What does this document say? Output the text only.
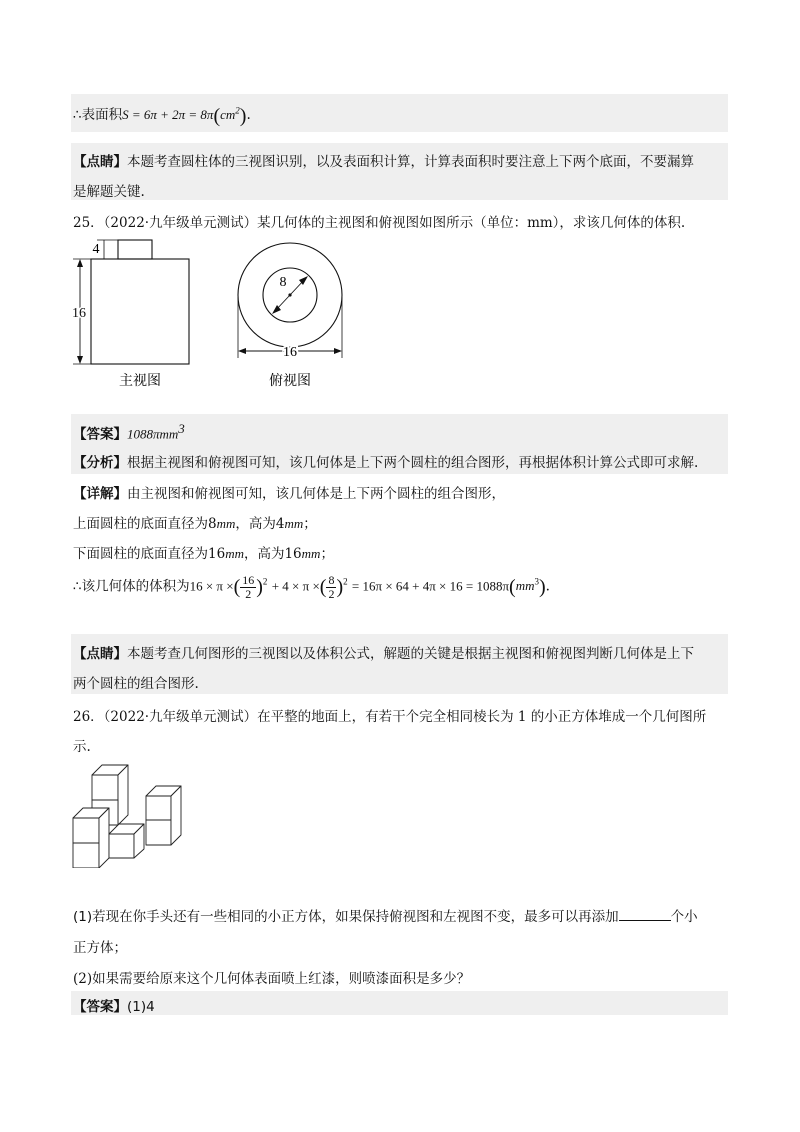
∴表面积$S = 6\pi + 2\pi = 8\pi(cm^2)$.
【点睛】本题考查圆柱体的三视图识别，以及表面积计算，计算表面积时要注意上下两个底面，不要漏算
是解题关键.
25．（2022·九年级单元测试）某几何体的主视图和俯视图如图所示（单位：mm），求该几何体的体积.
4
16
8
16
主视图	俯视图
【答案】1088πmm$^3$
【分析】根据主视图和俯视图可知，该几何体是上下两个圆柱的组合图形，再根据体积计算公式即可求解.
【详解】由主视图和俯视图可知，该几何体是上下两个圆柱的组合图形，
上面圆柱的底面直径为8mm，高为4mm；
下面圆柱的底面直径为16mm，高为16mm；
∴该几何体的体积为16 × π ×( $\frac{16}{2} )^2 + 4 \times \pi$ ×( $\frac{8}{2} )^2 = 16\pi \times 64 + 4\pi \times 16 = 1088\pi(mm^3)$.
【点睛】本题考查几何图形的三视图以及体积公式，解题的关键是根据主视图和俯视图判断几何体是上下
两个圆柱的组合图形.
26．（2022·九年级单元测试）在平整的地面上，有若干个完全相同棱长为 1 的小正方体堆成一个几何图所
示.
(1)若现在你手头还有一些相同的小正方体，如果保持俯视图和左视图不变，最多可以再添加	个小
正方体；
(2)如果需要给原来这个几何体表面喷上红漆，则喷漆面积是多少？
【答案】(1)4
